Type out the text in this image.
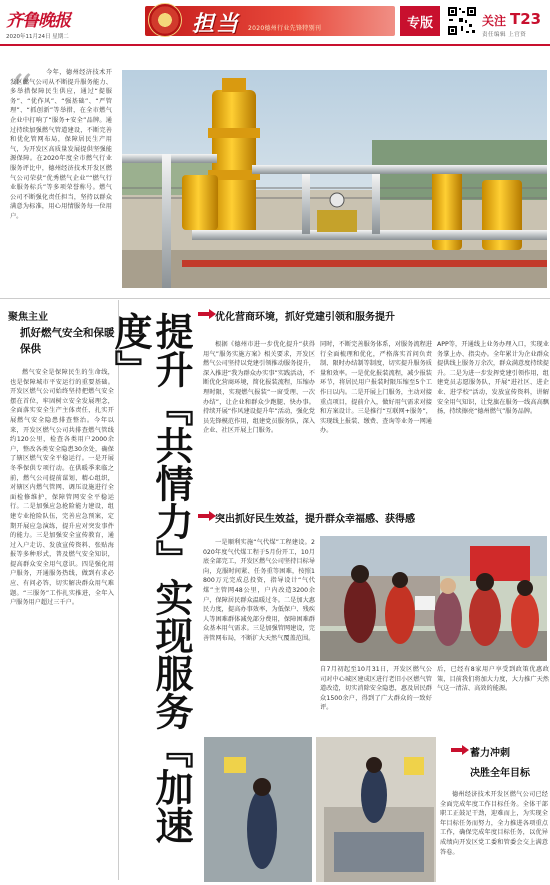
齐鲁晚报
2020年11月24日 星期二	担当 2020德州行业先锋特别刊	专版	关注 T23
责任编辑 上官资
“	今年，德州经济技术开发区燃气公司从不断提升服务能力、多举措保障民生供应，通过“提服务”、“优作风”、“强基础”、“严管理”、“抓创新”等举措，在全市燃气企业中打响了“服务+安全”品牌。通过持续加强燃气管道建设，不断完善和优化管网布局，保障居民生产用气，为开发区高质量发展提供坚强能源保障。在2020年度全市燃气行业服务评比中，德州经济技术开发区燃气公司荣获“优秀燃气企业”“燃气行业服务标兵”等多项荣誉称号。燃气公司不断强化责任担当，坚持以群众满意为标准，用心用情服务每一位用户。
聚焦主业
抓好燃气安全和保暖保供
燃气安全是保障民生的生命线，也是保障城市平安运行的重要基础。开发区燃气公司始终坚持把燃气安全摆在首位，牢固树立安全发展理念，全面落实安全生产主体责任，扎实开展燃气安全隐患排查整治。今年以来，开发区燃气公司共排查燃气管线约120公里，检查各类用户2000余户，整改各类安全隐患30余处，确保了辖区燃气安全平稳运行。一是开展冬季保供专项行动。在供暖季来临之前，燃气公司提前谋划，精心组织，对辖区内燃气管网、调压设施进行全面检修维护，保障管网安全平稳运行。二是加强应急抢险能力建设，组建专业抢险队伍，完善应急预案，定期开展应急演练，提升应对突发事件的能力。三是加强安全宣传教育，通过入户走访、发放宣传资料、张贴海报等多种形式，普及燃气安全知识，提高群众安全用气意识。四是强化用户服务，开通服务热线，做到有求必应、有问必答，切实解决群众用气难题。“三服务”工作扎实推进，全年入户服务用户超过三千户。	提升『共情力』实现服务『加速度』	优化营商环境，抓好党建引领和服务提升
根据《德州市进一步优化提升“获得用气”服务实施方案》相关要求，开发区燃气公司坚持以党建引领推动服务提升，深入推进“我为群众办实事”实践活动，不断优化营商环境，简化报装流程，压缩办理时限，实现燃气报装“一窗受理、一次办结”，让企业和群众少跑腿、快办事。持续开展“作风建设提升年”活动，强化党员先锋模范作用，组建党员服务队，深入企业、社区开展上门服务。
同时，不断完善服务体系，对服务流程进行全面梳理和优化，严格落实首问负责制、限时办结制等制度，切实提升服务质量和效率。一是优化报装流程，减少报装环节，将居民用户报装时限压缩至5个工作日以内。二是开展上门服务，主动对接重点项目，提前介入，做好用气需求对接和方案设计。三是推行“互联网+服务”，实现线上报装、缴费、查询等业务一网通办。
APP等，开通线上业务办理入口，实现业务掌上办、指尖办。全年累计为企业群众提供线上服务万余次，群众满意度持续提升。二是为进一步发挥党建引领作用，组建党员志愿服务队，开展“进社区、进企业、进学校”活动，发放宣传资料，讲解安全用气知识，让党旗在服务一线高高飘扬，持续擦亮“德州燃气”服务品牌。
突出抓好民生效益，提升群众幸福感、获得感
一是顺利实施“气代煤”工程建设。2020年度气代煤工程于5月份开工，10月底全部完工，开发区燃气公司坚持目标导向，克服时间紧、任务重等困难，按照1800万元完成总投资，指导设计“气代煤”主管网48公里，户内改造3200余户，保障居民群众温暖过冬。二是加大惠民力度，提高办事效率，为低保户、残疾人等困难群体减免部分费用，保障困难群众基本用气需求。三是加强管网建设，完善管网布局，不断扩大天然气覆盖范围。
自7月初起至10月31日，开发区燃气公司对中心城区建成区进行老旧小区燃气管道改造，切实消除安全隐患，惠及居民群众1500余户，得到了广大群众的一致好评。
后，已经有8家用户享受到政策优惠政策，目前我们将加大力度，大力推广天然气这一清洁、高效的能源。
蓄力冲刺
决胜全年目标
德州经济技术开发区燃气公司已经全面完成年度工作目标任务。全体干部职工正鼓足干劲，迎难而上，为实现全年目标任务而努力，全力推进各项重点工作，确保完成年度目标任务，以优异成绩向开发区党工委和管委会交上满意答卷。
